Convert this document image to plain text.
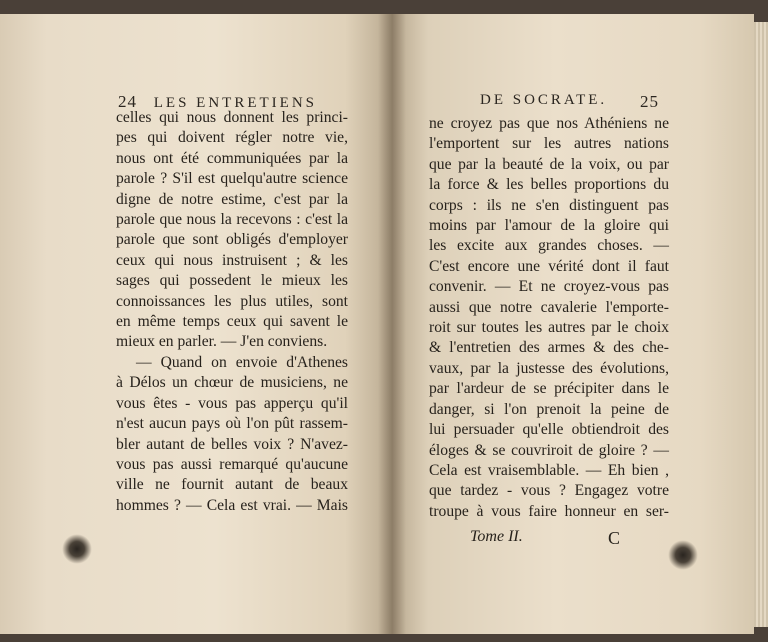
24 LES ENTRETIENS
celles qui nous donnent les princi-
pes qui doivent régler notre vie,
nous ont été communiquées par la
parole ? S'il est quelqu'autre science
digne de notre estime, c'est par la
parole que nous la recevons : c'est la
parole que sont obligés d'employer
ceux qui nous instruisent ; & les
sages qui possedent le mieux les
connoissances les plus utiles, sont
en même temps ceux qui savent le
mieux en parler. — J'en conviens.
— Quand on envoie d'Athenes
à Délos un chœur de musiciens, ne
vous êtes - vous pas apperçu qu'il
n'est aucun pays où l'on pût rassem-
bler autant de belles voix ? N'avez-
vous pas aussi remarqué qu'aucune
ville ne fournit autant de beaux
hommes ? — Cela est vrai. — Mais
DE SOCRATE. 25
ne croyez pas que nos Athéniens ne
l'emportent sur les autres nations
que par la beauté de la voix, ou par
la force & les belles proportions du
corps : ils ne s'en distinguent pas
moins par l'amour de la gloire qui
les excite aux grandes choses. —
C'est encore une vérité dont il faut
convenir. — Et ne croyez-vous pas
aussi que notre cavalerie l'emporte-
roit sur toutes les autres par le choix
& l'entretien des armes & des che-
vaux, par la justesse des évolutions,
par l'ardeur de se précipiter dans le
danger, si l'on prenoit la peine de
lui persuader qu'elle obtiendroit des
éloges & se couvriroit de gloire ? —
Cela est vraisemblable. — Eh bien ,
que tardez - vous ? Engagez votre
troupe à vous faire honneur en ser-
Tome II.	C
